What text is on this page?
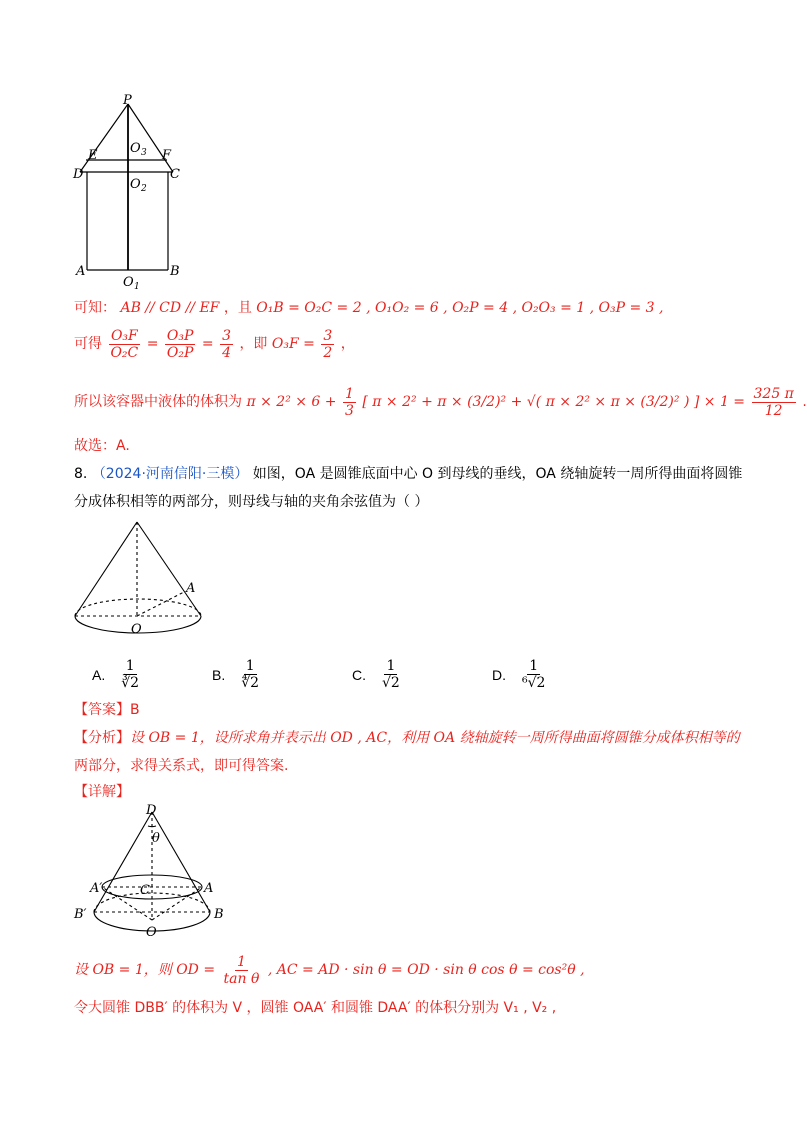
P
E	F
D	C
O 3
O 2
A	B
O 1
可知： AB // CD // EF ，且 O₁B = O₂C = 2 , O₁O₂ = 6 , O₂P = 4 , O₂O₃ = 1 , O₃P = 3 ,
可得 $\frac{\text{O₃F}}{\text{O₂C}} = \frac{\text{O₃P}}{\text{O₂P}} = \frac{3}{4}$ ，即 $O_3F = \frac{3}{2}$ ，
所以该容器中液体的体积为 $\pi \times 2^2 \times 6 + \frac{1}{3}$ [ π × 2² + π × (3/2)² + √( π × 2² × π × (3/2)² ) ] × $1 = \frac{325 \pi}{12}$ .
故选：A.
8. （2024·河南信阳·三模） 如图，OA 是圆锥底面中心 O 到母线的垂线，OA 绕轴旋转一周所得曲面将圆锥
分成体积相等的两部分，则母线与轴的夹角余弦值为（ ）
A
O
A. $\frac{1}{∛2}$	B. $\frac{1}{∜2}$	C. $\frac{1}{√2}$	D. $\frac{1}{\text{⁶√2}}$
【答案】B
【分析】设 OB = 1，设所求角并表示出 OD , AC，利用 OA 绕轴旋转一周所得曲面将圆锥分成体积相等的
两部分，求得关系式，即可得答案.
【详解】
D
θ
A′	A
C
B′	B
O
设 OB = 1，则 OD = $\frac{1}{\text{tan θ}}$ , AC = AD · sin θ = OD · sin θ cos θ = cos²θ ,
令大圆锥 DBB′ 的体积为 V ，圆锥 OAA′ 和圆锥 DAA′ 的体积分别为 V₁ , V₂ ,
